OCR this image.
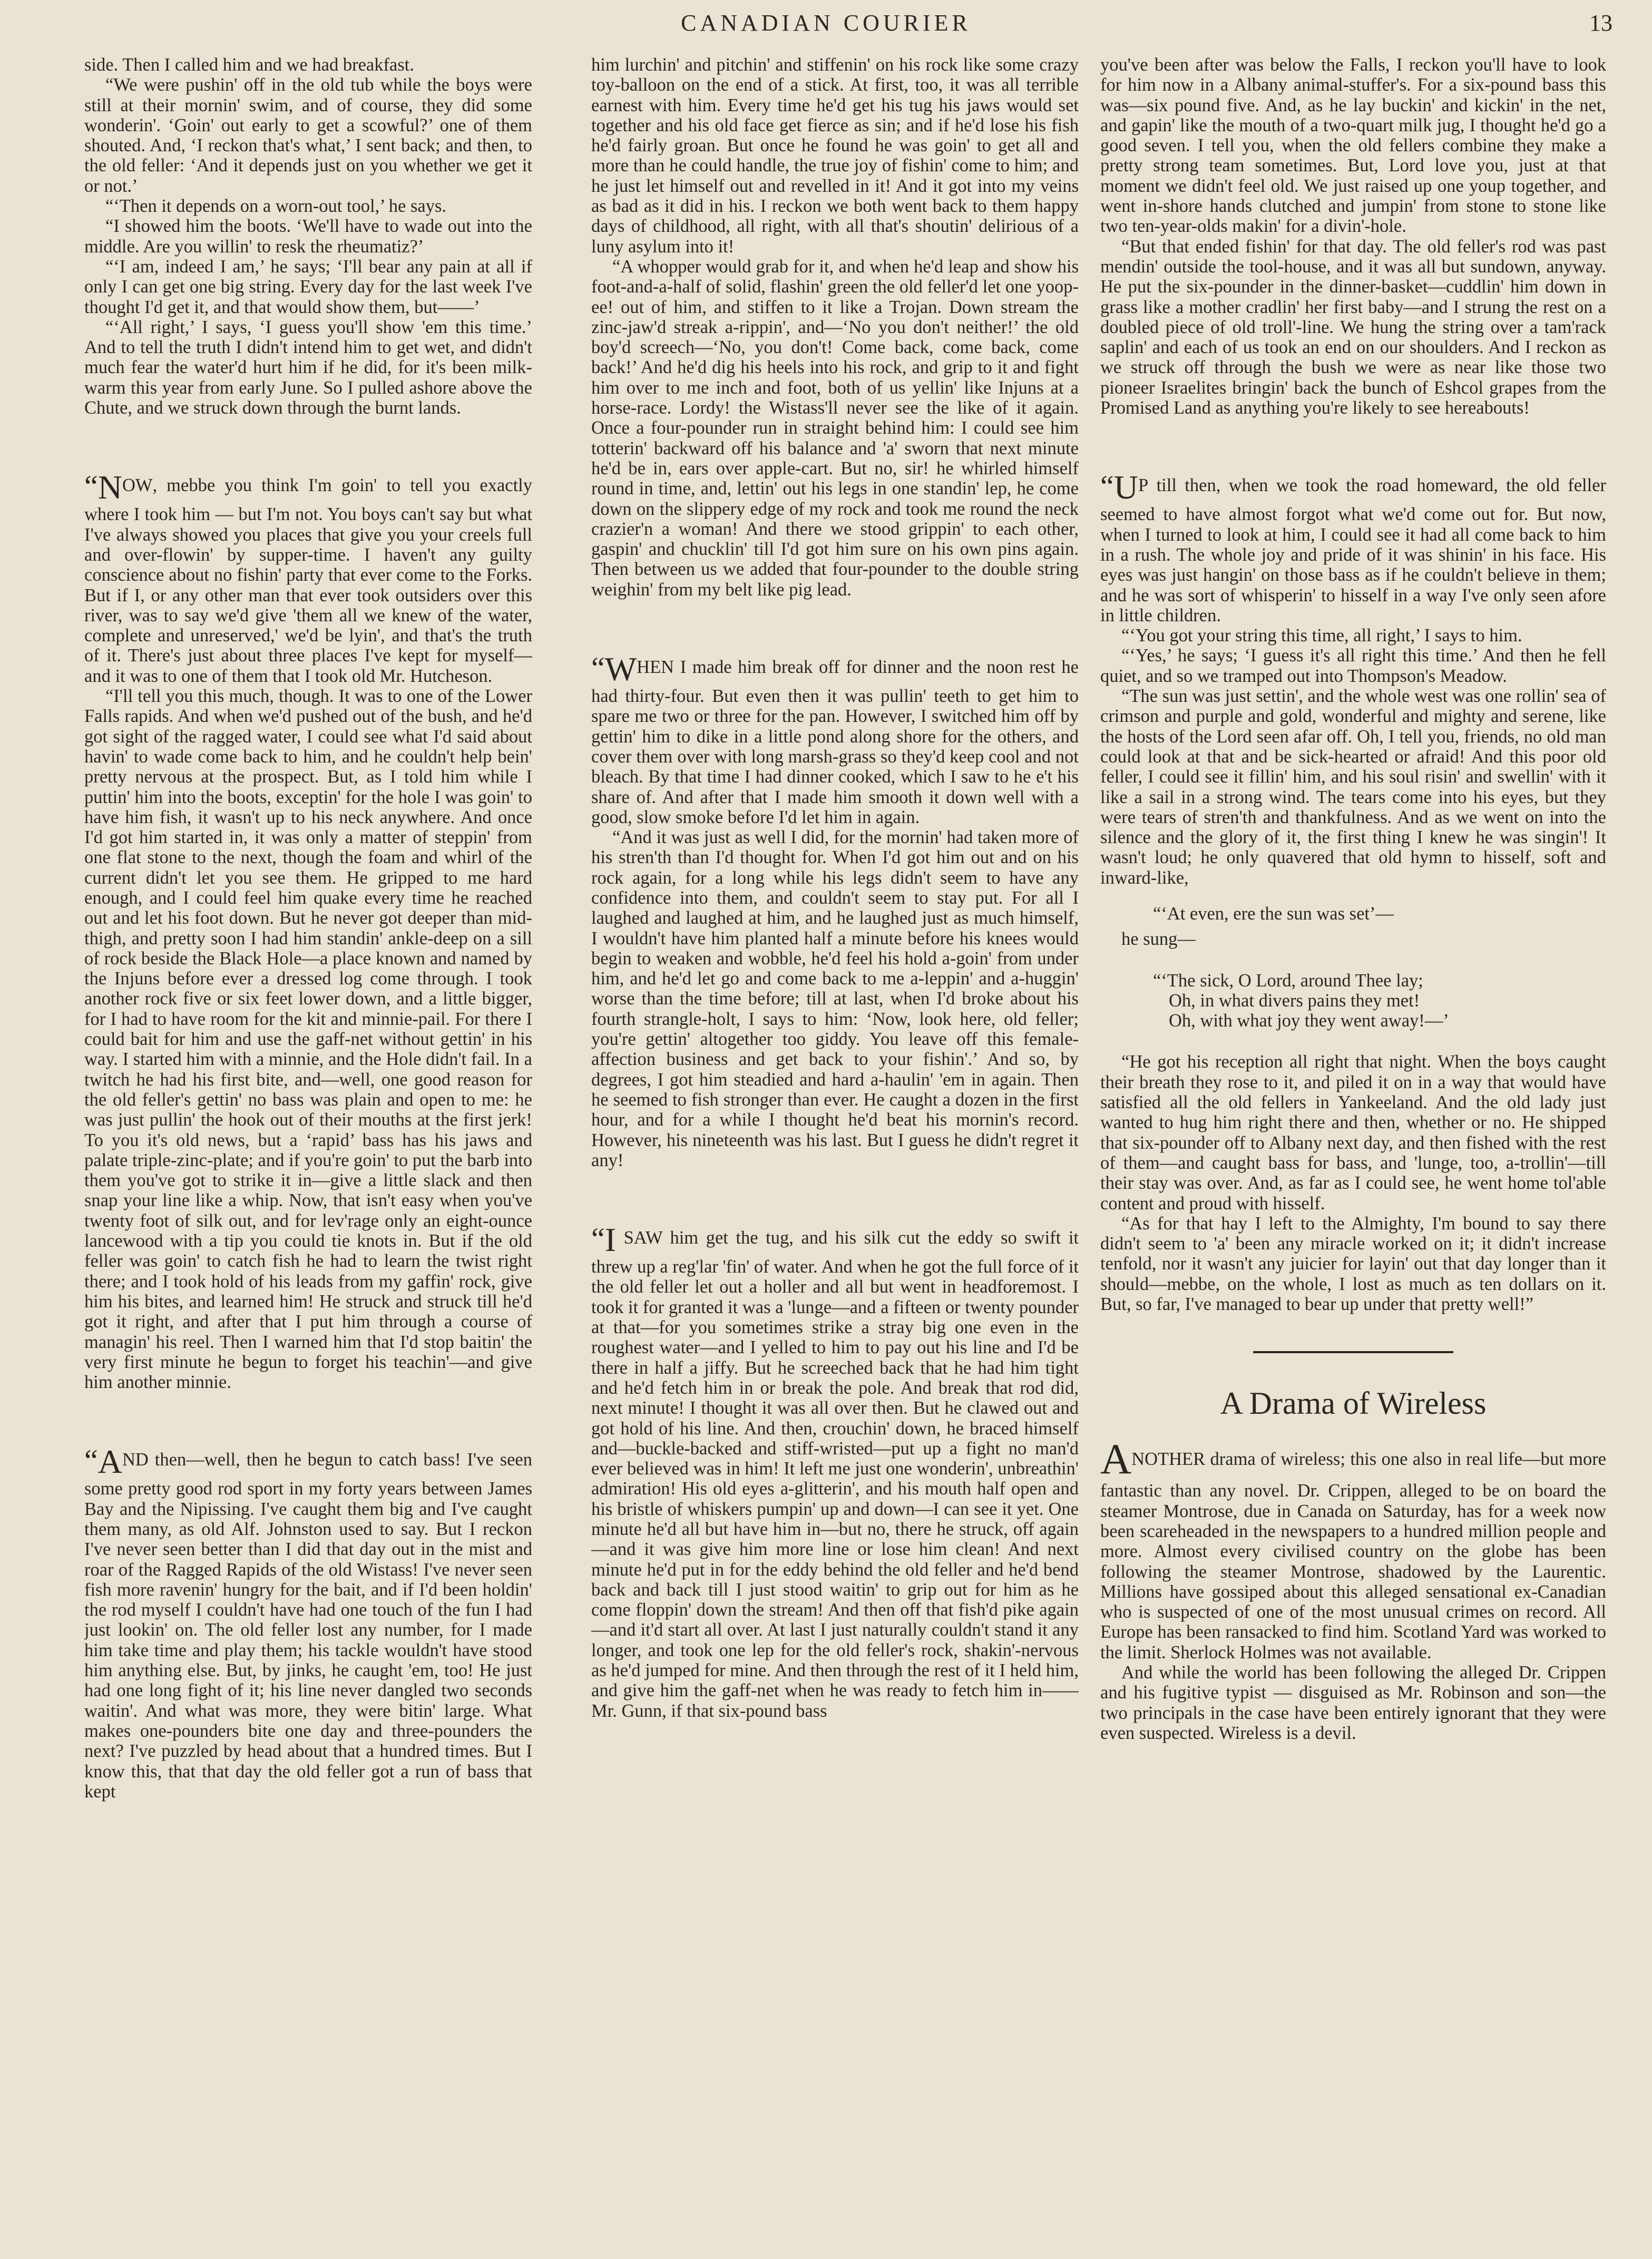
CANADIAN COURIER	13

side. Then I called him and we had breakfast.

“We were pushin' off in the old tub while the boys were still at their mornin' swim, and of course, they did some wonderin'. ‘Goin' out early to get a scowful?’ one of them shouted. And, ‘I reckon that's what,’ I sent back; and then, to the old feller: ‘And it depends just on you whether we get it or not.’

“‘Then it depends on a worn-out tool,’ he says.

“I showed him the boots. ‘We'll have to wade out into the middle. Are you willin' to resk the rheumatiz?’

“‘I am, indeed I am,’ he says; ‘I'll bear any pain at all if only I can get one big string. Every day for the last week I've thought I'd get it, and that would show them, but——’

“‘All right,’ I says, ‘I guess you'll show 'em this time.’ And to tell the truth I didn't intend him to get wet, and didn't much fear the water'd hurt him if he did, for it's been milk-warm this year from early June. So I pulled ashore above the Chute, and we struck down through the burnt lands.

“NOW, mebbe you think I'm goin' to tell you exactly where I took him — but I'm not. You boys can't say but what I've always showed you places that give you your creels full and over-flowin' by supper-time. I haven't any guilty conscience about no fishin' party that ever come to the Forks. But if I, or any other man that ever took outsiders over this river, was to say we'd give 'them all we knew of the water, complete and unreserved,' we'd be lyin', and that's the truth of it. There's just about three places I've kept for myself—and it was to one of them that I took old Mr. Hutcheson.

“I'll tell you this much, though. It was to one of the Lower Falls rapids. And when we'd pushed out of the bush, and he'd got sight of the ragged water, I could see what I'd said about havin' to wade come back to him, and he couldn't help bein' pretty nervous at the prospect. But, as I told him while I puttin' him into the boots, exceptin' for the hole I was goin' to have him fish, it wasn't up to his neck anywhere. And once I'd got him started in, it was only a matter of steppin' from one flat stone to the next, though the foam and whirl of the current didn't let you see them. He gripped to me hard enough, and I could feel him quake every time he reached out and let his foot down. But he never got deeper than mid-thigh, and pretty soon I had him standin' ankle-deep on a sill of rock beside the Black Hole—a place known and named by the Injuns before ever a dressed log come through. I took another rock five or six feet lower down, and a little bigger, for I had to have room for the kit and minnie-pail. For there I could bait for him and use the gaff-net without gettin' in his way. I started him with a minnie, and the Hole didn't fail. In a twitch he had his first bite, and—well, one good reason for the old feller's gettin' no bass was plain and open to me: he was just pullin' the hook out of their mouths at the first jerk! To you it's old news, but a ‘rapid’ bass has his jaws and palate triple-zinc-plate; and if you're goin' to put the barb into them you've got to strike it in—give a little slack and then snap your line like a whip. Now, that isn't easy when you've twenty foot of silk out, and for lev'rage only an eight-ounce lancewood with a tip you could tie knots in. But if the old feller was goin' to catch fish he had to learn the twist right there; and I took hold of his leads from my gaffin' rock, give him his bites, and learned him! He struck and struck till he'd got it right, and after that I put him through a course of managin' his reel. Then I warned him that I'd stop baitin' the very first minute he begun to forget his teachin'—and give him another minnie.

“AND then—well, then he begun to catch bass! I've seen some pretty good rod sport in my forty years between James Bay and the Nipissing. I've caught them big and I've caught them many, as old Alf. Johnston used to say. But I reckon I've never seen better than I did that day out in the mist and roar of the Ragged Rapids of the old Wistass! I've never seen fish more ravenin' hungry for the bait, and if I'd been holdin' the rod myself I couldn't have had one touch of the fun I had just lookin' on. The old feller lost any number, for I made him take time and play them; his tackle wouldn't have stood him anything else. But, by jinks, he caught 'em, too! He just had one long fight of it; his line never dangled two seconds waitin'. And what was more, they were bitin' large. What makes one-pounders bite one day and three-pounders the next? I've puzzled by head about that a hundred times. But I know this, that that day the old feller got a run of bass that kept

him lurchin' and pitchin' and stiffenin' on his rock like some crazy toy-balloon on the end of a stick. At first, too, it was all terrible earnest with him. Every time he'd get his tug his jaws would set together and his old face get fierce as sin; and if he'd lose his fish he'd fairly groan. But once he found he was goin' to get all and more than he could handle, the true joy of fishin' come to him; and he just let himself out and revelled in it! And it got into my veins as bad as it did in his. I reckon we both went back to them happy days of childhood, all right, with all that's shoutin' delirious of a luny asylum into it!

“A whopper would grab for it, and when he'd leap and show his foot-and-a-half of solid, flashin' green the old feller'd let one yoop-ee! out of him, and stiffen to it like a Trojan. Down stream the zinc-jaw'd streak a-rippin', and—‘No you don't neither!’ the old boy'd screech—‘No, you don't! Come back, come back, come back!’ And he'd dig his heels into his rock, and grip to it and fight him over to me inch and foot, both of us yellin' like Injuns at a horse-race. Lordy! the Wistass'll never see the like of it again. Once a four-pounder run in straight behind him: I could see him totterin' backward off his balance and 'a' sworn that next minute he'd be in, ears over apple-cart. But no, sir! he whirled himself round in time, and, lettin' out his legs in one standin' lep, he come down on the slippery edge of my rock and took me round the neck crazier'n a woman! And there we stood grippin' to each other, gaspin' and chucklin' till I'd got him sure on his own pins again. Then between us we added that four-pounder to the double string weighin' from my belt like pig lead.

“WHEN I made him break off for dinner and the noon rest he had thirty-four. But even then it was pullin' teeth to get him to spare me two or three for the pan. However, I switched him off by gettin' him to dike in a little pond along shore for the others, and cover them over with long marsh-grass so they'd keep cool and not bleach. By that time I had dinner cooked, which I saw to he e't his share of. And after that I made him smooth it down well with a good, slow smoke before I'd let him in again.

“And it was just as well I did, for the mornin' had taken more of his stren'th than I'd thought for. When I'd got him out and on his rock again, for a long while his legs didn't seem to have any confidence into them, and couldn't seem to stay put. For all I laughed and laughed at him, and he laughed just as much himself, I wouldn't have him planted half a minute before his knees would begin to weaken and wobble, he'd feel his hold a-goin' from under him, and he'd let go and come back to me a-leppin' and a-huggin' worse than the time before; till at last, when I'd broke about his fourth strangle-holt, I says to him: ‘Now, look here, old feller; you're gettin' altogether too giddy. You leave off this female-affection business and get back to your fishin'.’ And so, by degrees, I got him steadied and hard a-haulin' 'em in again. Then he seemed to fish stronger than ever. He caught a dozen in the first hour, and for a while I thought he'd beat his mornin's record. However, his nineteenth was his last. But I guess he didn't regret it any!

“I SAW him get the tug, and his silk cut the eddy so swift it threw up a reg'lar 'fin' of water. And when he got the full force of it the old feller let out a holler and all but went in headforemost. I took it for granted it was a 'lunge—and a fifteen or twenty pounder at that—for you sometimes strike a stray big one even in the roughest water—and I yelled to him to pay out his line and I'd be there in half a jiffy. But he screeched back that he had him tight and he'd fetch him in or break the pole. And break that rod did, next minute! I thought it was all over then. But he clawed out and got hold of his line. And then, crouchin' down, he braced himself and—buckle-backed and stiff-wristed—put up a fight no man'd ever believed was in him! It left me just one wonderin', unbreathin' admiration! His old eyes a-glitterin', and his mouth half open and his bristle of whiskers pumpin' up and down—I can see it yet. One minute he'd all but have him in—but no, there he struck, off again—and it was give him more line or lose him clean! And next minute he'd put in for the eddy behind the old feller and he'd bend back and back till I just stood waitin' to grip out for him as he come floppin' down the stream! And then off that fish'd pike again—and it'd start all over. At last I just naturally couldn't stand it any longer, and took one lep for the old feller's rock, shakin'-nervous as he'd jumped for mine. And then through the rest of it I held him, and give him the gaff-net when he was ready to fetch him in—— Mr. Gunn, if that six-pound bass

you've been after was below the Falls, I reckon you'll have to look for him now in a Albany animal-stuffer's. For a six-pound bass this was—six pound five. And, as he lay buckin' and kickin' in the net, and gapin' like the mouth of a two-quart milk jug, I thought he'd go a good seven. I tell you, when the old fellers combine they make a pretty strong team sometimes. But, Lord love you, just at that moment we didn't feel old. We just raised up one youp together, and went in-shore hands clutched and jumpin' from stone to stone like two ten-year-olds makin' for a divin'-hole.

“But that ended fishin' for that day. The old feller's rod was past mendin' outside the tool-house, and it was all but sundown, anyway. He put the six-pounder in the dinner-basket—cuddlin' him down in grass like a mother cradlin' her first baby—and I strung the rest on a doubled piece of old troll'-line. We hung the string over a tam'rack saplin' and each of us took an end on our shoulders. And I reckon as we struck off through the bush we were as near like those two pioneer Israelites bringin' back the bunch of Eshcol grapes from the Promised Land as anything you're likely to see hereabouts!

“UP till then, when we took the road homeward, the old feller seemed to have almost forgot what we'd come out for. But now, when I turned to look at him, I could see it had all come back to him in a rush. The whole joy and pride of it was shinin' in his face. His eyes was just hangin' on those bass as if he couldn't believe in them; and he was sort of whisperin' to hisself in a way I've only seen afore in little children.

“‘You got your string this time, all right,’ I says to him.

“‘Yes,’ he says; ‘I guess it's all right this time.’ And then he fell quiet, and so we tramped out into Thompson's Meadow.

“The sun was just settin', and the whole west was one rollin' sea of crimson and purple and gold, wonderful and mighty and serene, like the hosts of the Lord seen afar off. Oh, I tell you, friends, no old man could look at that and be sick-hearted or afraid! And this poor old feller, I could see it fillin' him, and his soul risin' and swellin' with it like a sail in a strong wind. The tears come into his eyes, but they were tears of stren'th and thankfulness. And as we went on into the silence and the glory of it, the first thing I knew he was singin'! It wasn't loud; he only quavered that old hymn to hisself, soft and inward-like,

“‘At even, ere the sun was set’—

he sung—

“‘The sick, O Lord, around Thee lay;
Oh, in what divers pains they met!
Oh, with what joy they went away!—’

“He got his reception all right that night. When the boys caught their breath they rose to it, and piled it on in a way that would have satisfied all the old fellers in Yankeeland. And the old lady just wanted to hug him right there and then, whether or no. He shipped that six-pounder off to Albany next day, and then fished with the rest of them—and caught bass for bass, and 'lunge, too, a-trollin'—till their stay was over. And, as far as I could see, he went home tol'able content and proud with hisself.

“As for that hay I left to the Almighty, I'm bound to say there didn't seem to 'a' been any miracle worked on it; it didn't increase tenfold, nor it wasn't any juicier for layin' out that day longer than it should—mebbe, on the whole, I lost as much as ten dollars on it. But, so far, I've managed to bear up under that pretty well!”

A Drama of Wireless

ANOTHER drama of wireless; this one also in real life—but more fantastic than any novel. Dr. Crippen, alleged to be on board the steamer Montrose, due in Canada on Saturday, has for a week now been scareheaded in the newspapers to a hundred million people and more. Almost every civilised country on the globe has been following the steamer Montrose, shadowed by the Laurentic. Millions have gossiped about this alleged sensational ex-Canadian who is suspected of one of the most unusual crimes on record. All Europe has been ransacked to find him. Scotland Yard was worked to the limit. Sherlock Holmes was not available.

And while the world has been following the alleged Dr. Crippen and his fugitive typist — disguised as Mr. Robinson and son—the two principals in the case have been entirely ignorant that they were even suspected. Wireless is a devil.
